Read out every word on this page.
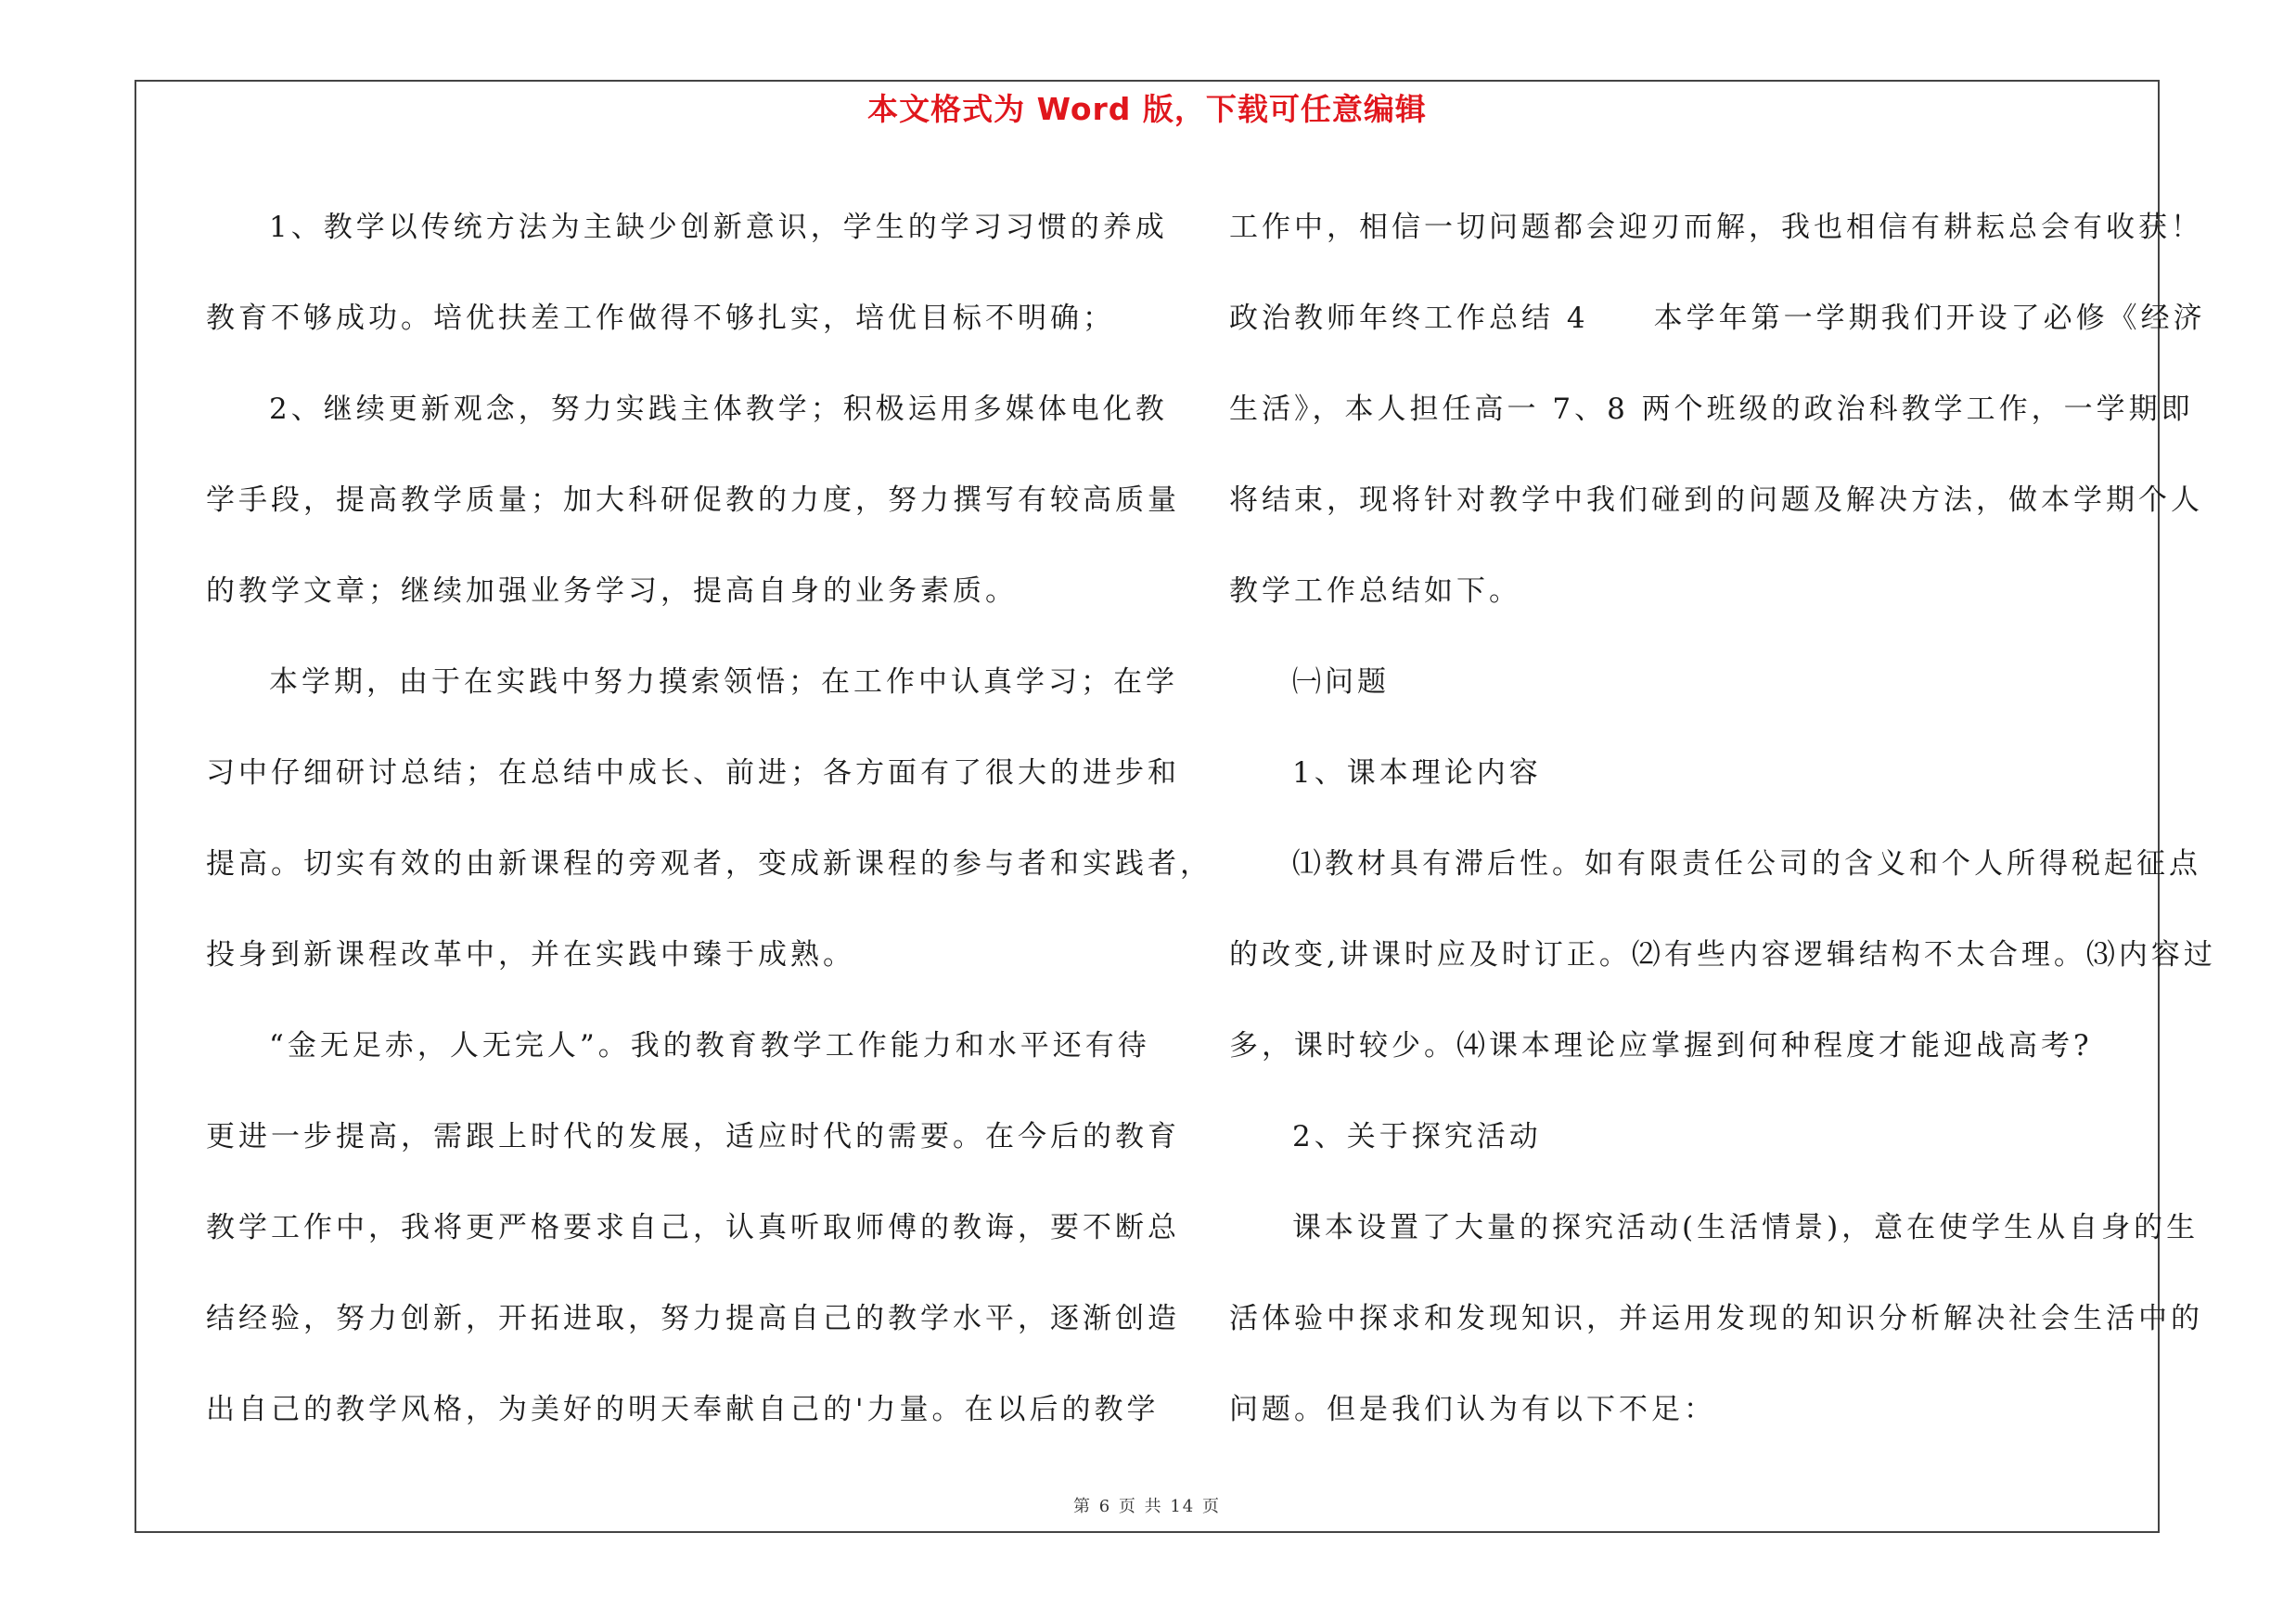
本文格式为 Word 版，下载可任意编辑
1、教学以传统方法为主缺少创新意识，学生的学习习惯的养成
教育不够成功。培优扶差工作做得不够扎实，培优目标不明确；
2、继续更新观念，努力实践主体教学；积极运用多媒体电化教
学手段，提高教学质量；加大科研促教的力度，努力撰写有较高质量
的教学文章；继续加强业务学习，提高自身的业务素质。
本学期，由于在实践中努力摸索领悟；在工作中认真学习；在学
习中仔细研讨总结；在总结中成长、前进；各方面有了很大的进步和
提高。切实有效的由新课程的旁观者，变成新课程的参与者和实践者，
投身到新课程改革中，并在实践中臻于成熟。
“金无足赤，人无完人”。我的教育教学工作能力和水平还有待
更进一步提高，需跟上时代的发展，适应时代的需要。在今后的教育
教学工作中，我将更严格要求自己，认真听取师傅的教诲，要不断总
结经验，努力创新，开拓进取，努力提高自己的教学水平，逐渐创造
出自己的教学风格，为美好的明天奉献自己的'力量。在以后的教学
工作中，相信一切问题都会迎刃而解，我也相信有耕耘总会有收获！
政治教师年终工作总结 4　　本学年第一学期我们开设了必修《经济
生活》，本人担任高一 7、8 两个班级的政治科教学工作，一学期即
将结束，现将针对教学中我们碰到的问题及解决方法，做本学期个人
教学工作总结如下。
㈠问题
1、课本理论内容
⑴教材具有滞后性。如有限责任公司的含义和个人所得税起征点
的改变,讲课时应及时订正。⑵有些内容逻辑结构不太合理。⑶内容过
多，课时较少。⑷课本理论应掌握到何种程度才能迎战高考?
2、关于探究活动
课本设置了大量的探究活动(生活情景)，意在使学生从自身的生
活体验中探求和发现知识，并运用发现的知识分析解决社会生活中的
问题。但是我们认为有以下不足：
第 6 页 共 14 页
